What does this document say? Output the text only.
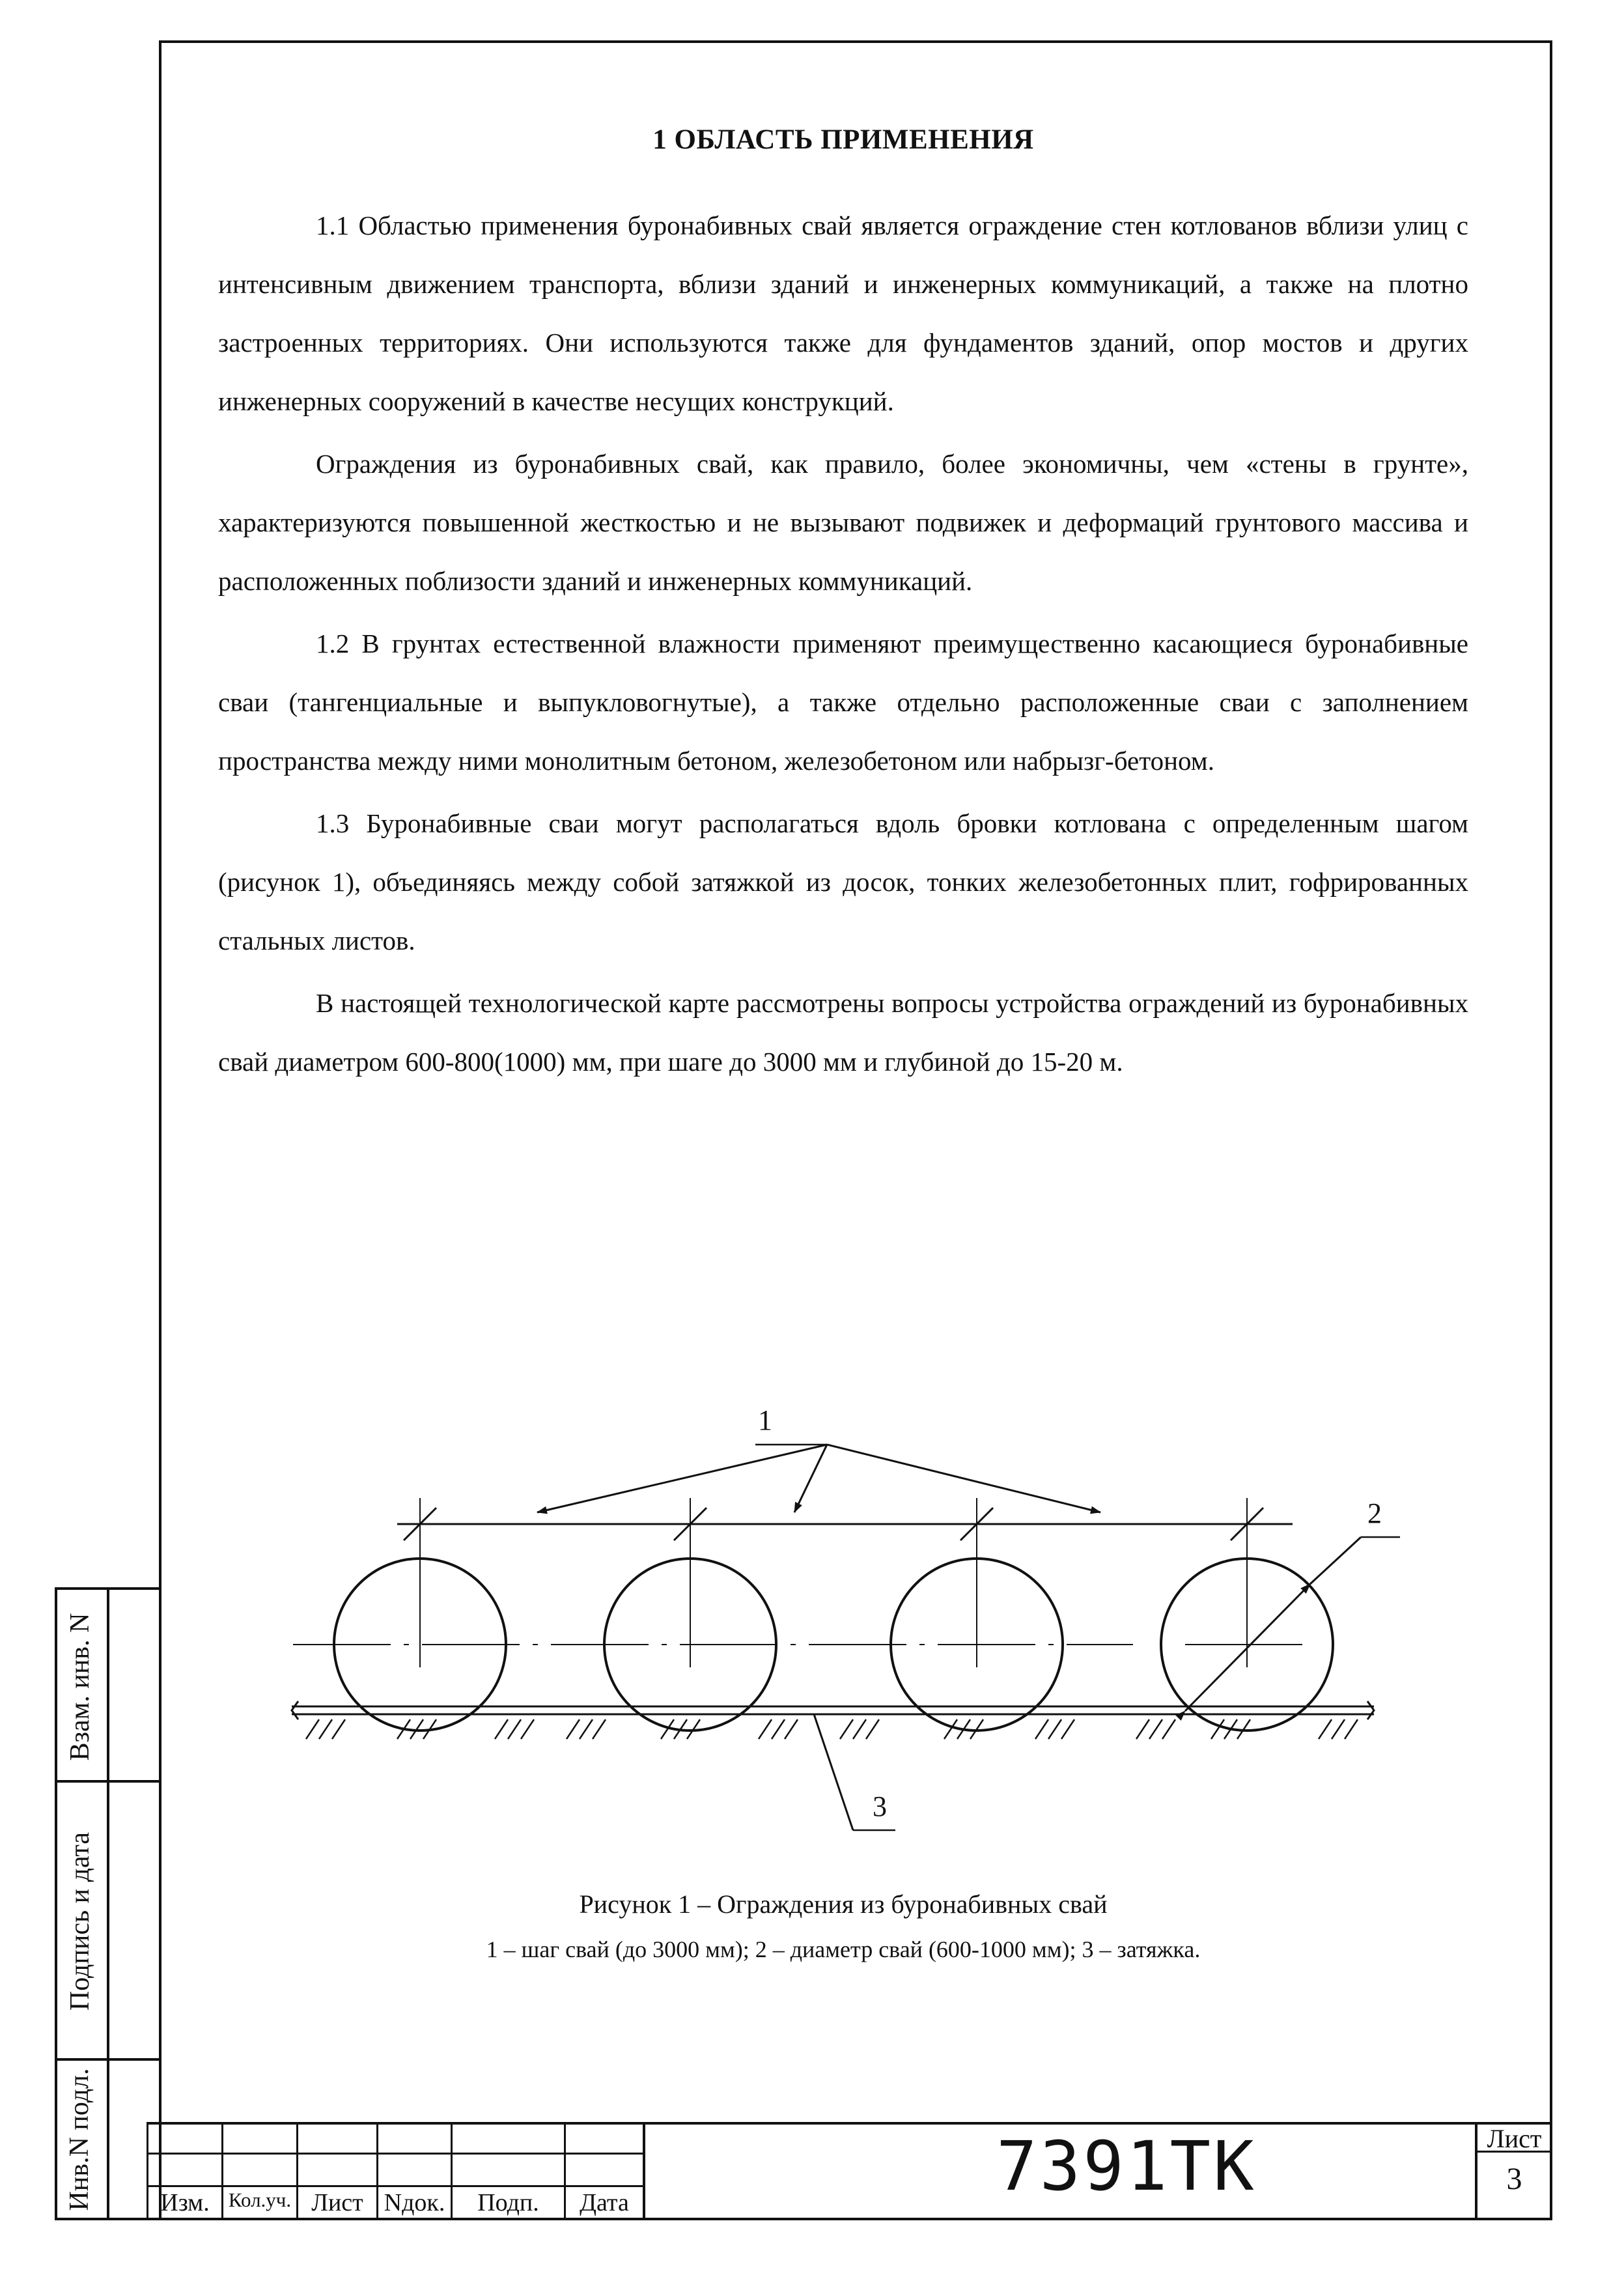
1 ОБЛАСТЬ ПРИМЕНЕНИЯ

1.1 Областью применения буронабивных свай является ограждение стен котлованов вблизи улиц с интенсивным движением транспорта, вблизи зданий и инженерных коммуникаций, а также на плотно застроенных территориях. Они используются также для фундаментов зданий, опор мостов и других инженерных сооружений в качестве несущих конструкций.

Ограждения из буронабивных свай, как правило, более экономичны, чем «стены в грунте», характеризуются повышенной жесткостью и не вызывают подвижек и деформаций грунтового массива и расположенных поблизости зданий и инженерных коммуникаций.

1.2 В грунтах естественной влажности применяют преимущественно касающиеся буронабивные сваи (тангенциальные и выпукловогнутые), а также отдельно расположенные сваи с заполнением пространства между ними монолитным бетоном, железобетоном или набрызг-бетоном.

1.3 Буронабивные сваи могут располагаться вдоль бровки котлована с определенным шагом (рисунок 1), объединяясь между собой затяжкой из досок, тонких железобетонных плит, гофрированных стальных листов.

В настоящей технологической карте рассмотрены вопросы устройства ограждений из буронабивных свай диаметром 600-800(1000) мм, при шаге до 3000 мм и глубиной до 15-20 м.

1
2
3
Рисунок 1 – Ограждения из буронабивных свай
1 – шаг свай (до 3000 мм); 2 – диаметр свай (600-1000 мм); 3 – затяжка.
Взам. инв. N
Подпись и дата
Инв.N подл.	Изм. Кол.уч. Лист Nдок.	Подп.	Дата	7391ТК	Лист
3
